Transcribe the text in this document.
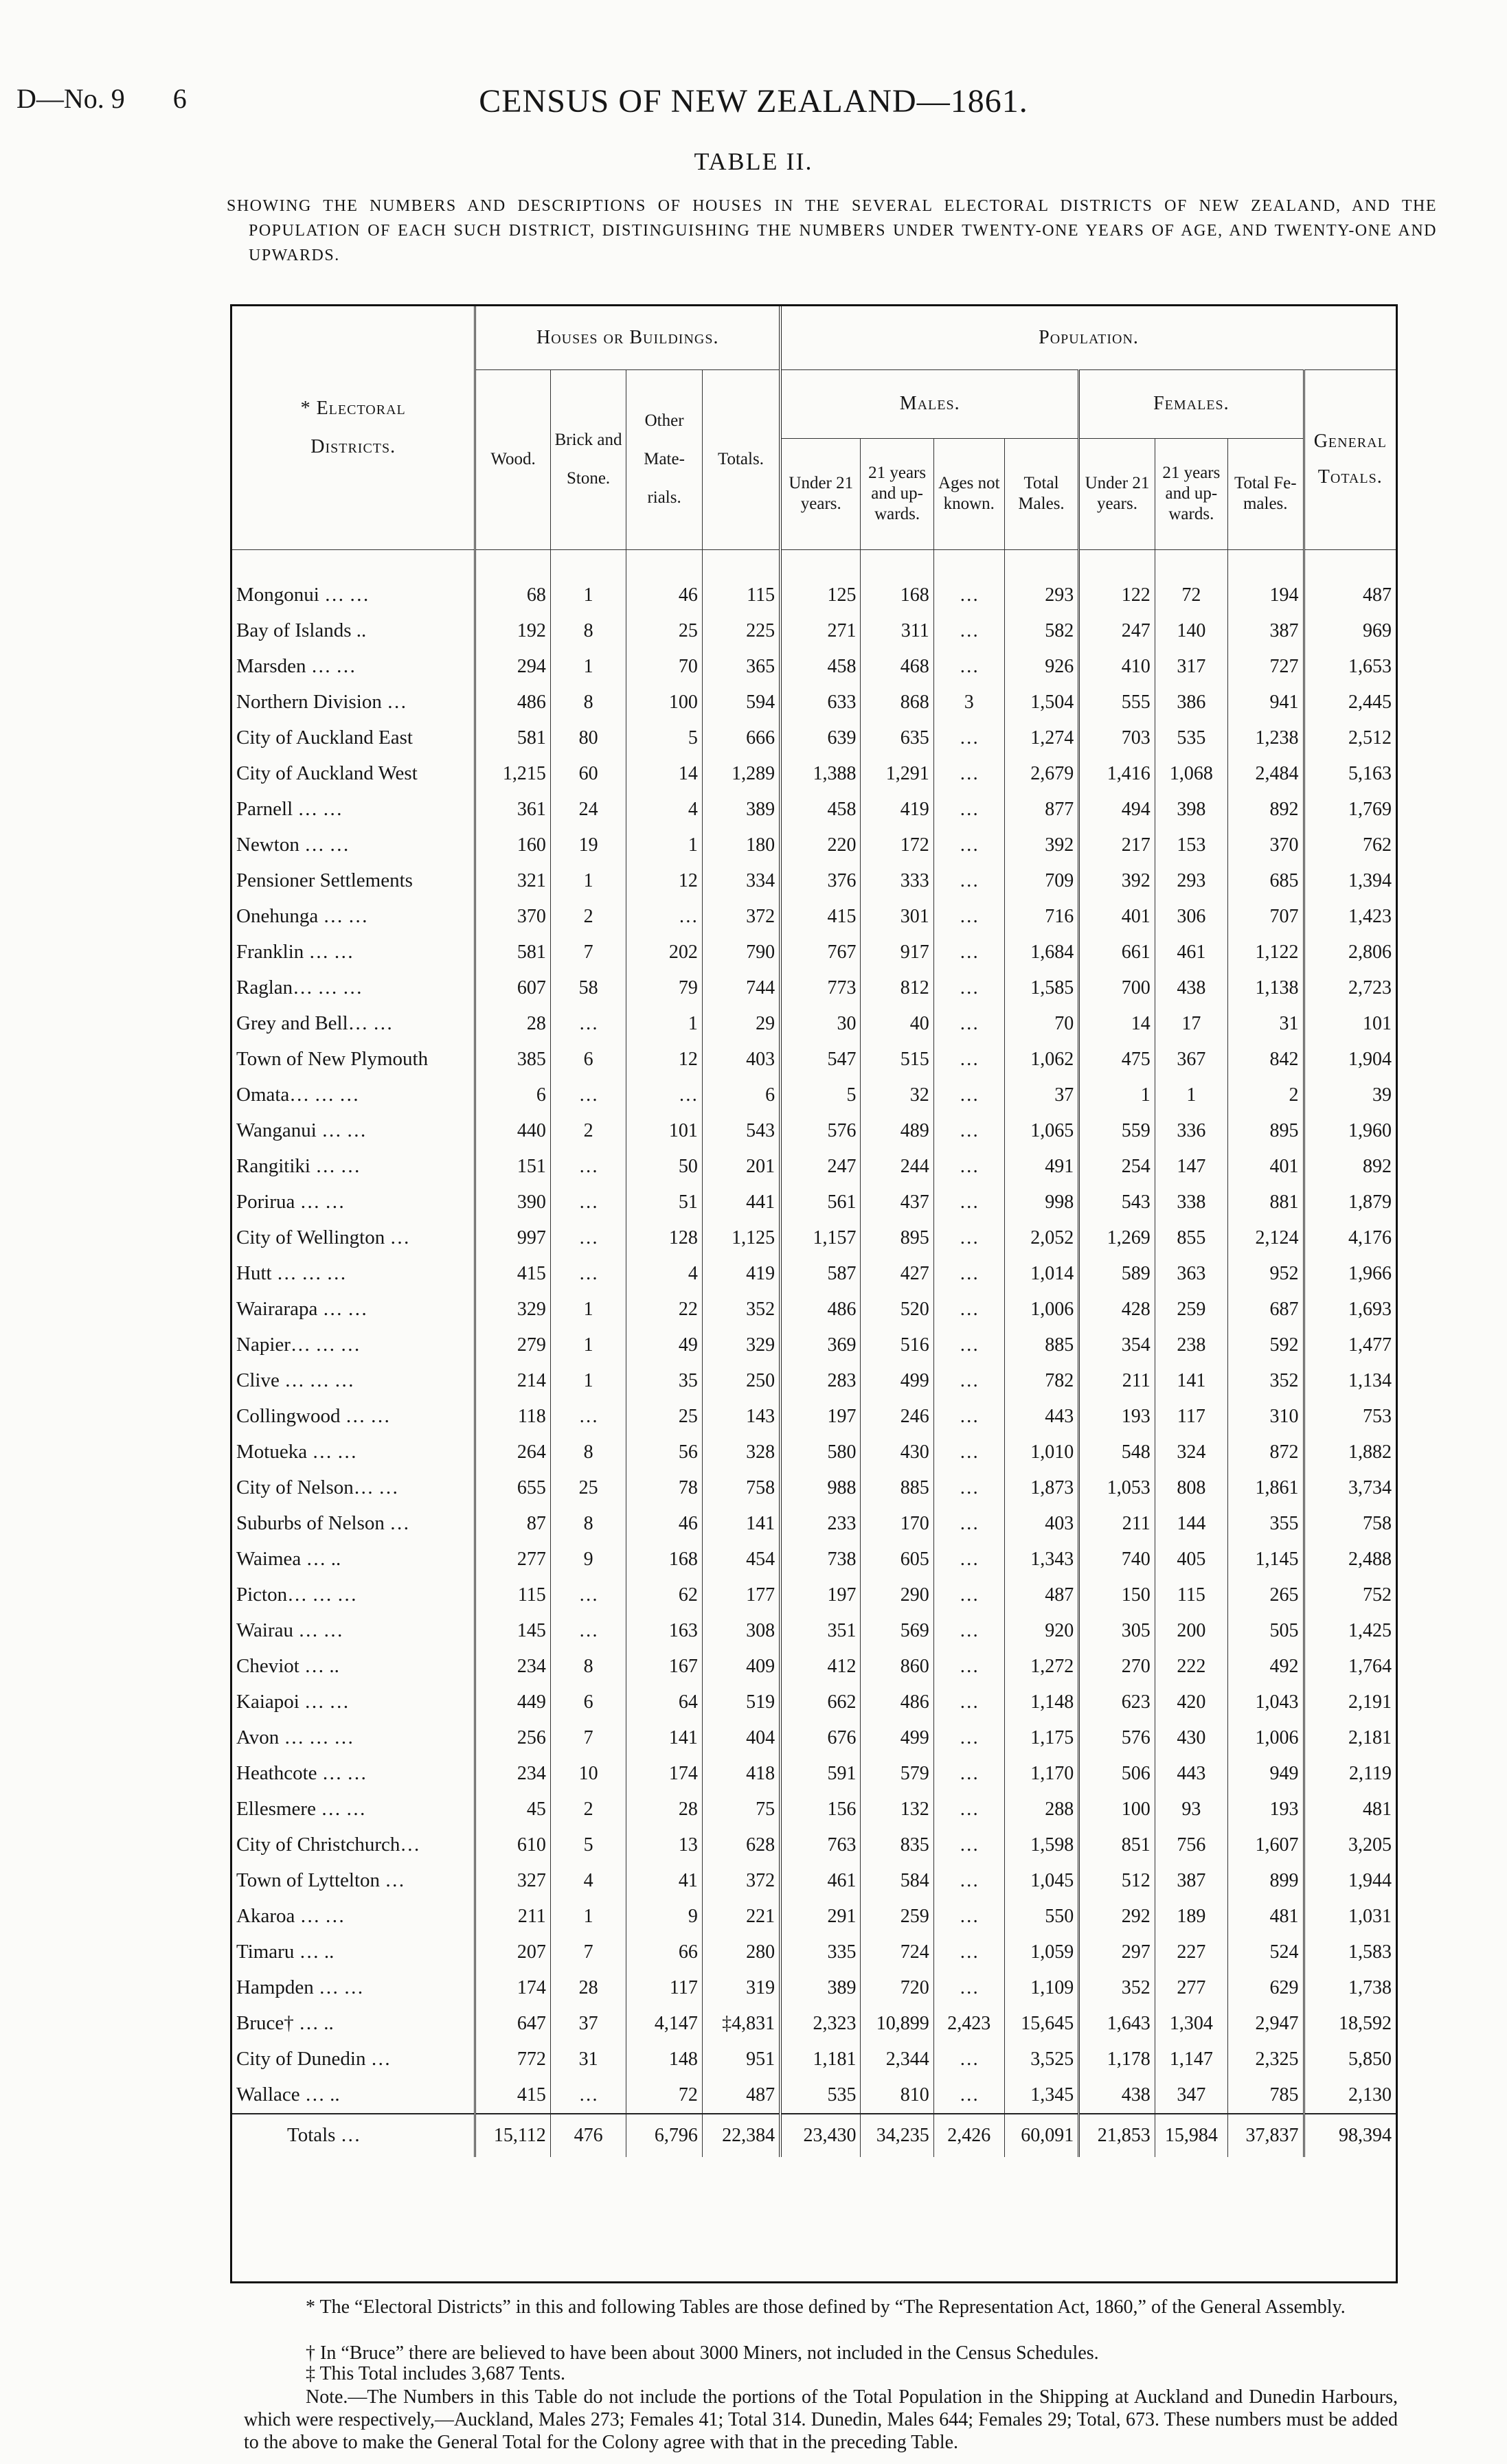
D—No. 9 6	CENSUS OF NEW ZEALAND—1861.
TABLE II.
SHOWING THE NUMBERS AND DESCRIPTIONS OF HOUSES IN THE SEVERAL ELECTORAL DISTRICTS OF NEW ZEALAND, AND THE POPULATION OF EACH SUCH DISTRICT, DISTINGUISHING THE NUMBERS UNDER TWENTY-ONE YEARS OF AGE, AND TWENTY-ONE AND UPWARDS.
* Electoral Districts.	Houses or Buildings.				Population.							
	Wood.	Brick and Stone.	Other Mate-rials.	Totals.	Males.				Females.			General Totals.
					Under 21 years.	21 years and up-wards.	Ages not known.	Total Males.	Under 21 years.	21 years and up-wards.	Total Fe-males.	

Mongonui … …	68	1	46	115	125	168	…	293	122	72	194	487
Bay of Islands ..	192	8	25	225	271	311	…	582	247	140	387	969
Marsden … …	294	1	70	365	458	468	…	926	410	317	727	1,653
Northern Division …	486	8	100	594	633	868	3	1,504	555	386	941	2,445
City of Auckland East	581	80	5	666	639	635	…	1,274	703	535	1,238	2,512
City of Auckland West	1,215	60	14	1,289	1,388	1,291	…	2,679	1,416	1,068	2,484	5,163
Parnell … …	361	24	4	389	458	419	…	877	494	398	892	1,769
Newton … …	160	19	1	180	220	172	…	392	217	153	370	762
Pensioner Settlements	321	1	12	334	376	333	…	709	392	293	685	1,394
Onehunga … …	370	2	…	372	415	301	…	716	401	306	707	1,423
Franklin … …	581	7	202	790	767	917	…	1,684	661	461	1,122	2,806
Raglan… … …	607	58	79	744	773	812	…	1,585	700	438	1,138	2,723
Grey and Bell… …	28	…	1	29	30	40	…	70	14	17	31	101
Town of New Plymouth	385	6	12	403	547	515	…	1,062	475	367	842	1,904
Omata… … …	6	…	…	6	5	32	…	37	1	1	2	39
Wanganui … …	440	2	101	543	576	489	…	1,065	559	336	895	1,960
Rangitiki … …	151	…	50	201	247	244	…	491	254	147	401	892
Porirua … …	390	…	51	441	561	437	…	998	543	338	881	1,879
City of Wellington …	997	…	128	1,125	1,157	895	…	2,052	1,269	855	2,124	4,176
Hutt … … …	415	…	4	419	587	427	…	1,014	589	363	952	1,966
Wairarapa … …	329	1	22	352	486	520	…	1,006	428	259	687	1,693
Napier… … …	279	1	49	329	369	516	…	885	354	238	592	1,477
Clive … … …	214	1	35	250	283	499	…	782	211	141	352	1,134
Collingwood … …	118	…	25	143	197	246	…	443	193	117	310	753
Motueka … …	264	8	56	328	580	430	…	1,010	548	324	872	1,882
City of Nelson… …	655	25	78	758	988	885	…	1,873	1,053	808	1,861	3,734
Suburbs of Nelson …	87	8	46	141	233	170	…	403	211	144	355	758
Waimea … ..	277	9	168	454	738	605	…	1,343	740	405	1,145	2,488
Picton… … …	115	…	62	177	197	290	…	487	150	115	265	752
Wairau … …	145	…	163	308	351	569	…	920	305	200	505	1,425
Cheviot … ..	234	8	167	409	412	860	…	1,272	270	222	492	1,764
Kaiapoi … …	449	6	64	519	662	486	…	1,148	623	420	1,043	2,191
Avon … … …	256	7	141	404	676	499	…	1,175	576	430	1,006	2,181
Heathcote … …	234	10	174	418	591	579	…	1,170	506	443	949	2,119
Ellesmere … …	45	2	28	75	156	132	…	288	100	93	193	481
City of Christchurch…	610	5	13	628	763	835	…	1,598	851	756	1,607	3,205
Town of Lyttelton …	327	4	41	372	461	584	…	1,045	512	387	899	1,944
Akaroa … …	211	1	9	221	291	259	…	550	292	189	481	1,031
Timaru … ..	207	7	66	280	335	724	…	1,059	297	227	524	1,583
Hampden … …	174	28	117	319	389	720	…	1,109	352	277	629	1,738
Bruce† … ..	647	37	4,147	‡4,831	2,323	10,899	2,423	15,645	1,643	1,304	2,947	18,592
City of Dunedin …	772	31	148	951	1,181	2,344	…	3,525	1,178	1,147	2,325	5,850
Wallace … ..	415	…	72	487	535	810	…	1,345	438	347	785	2,130
Totals …	15,112	476	6,796	22,384	23,430	34,235	2,426	60,091	21,853	15,984	37,837	98,394
* The “Electoral Districts” in this and following Tables are those defined by “The Representation Act, 1860,” of the General Assembly.
† In “Bruce” there are believed to have been about 3000 Miners, not included in the Census Schedules.
‡ This Total includes 3,687 Tents.
Note.—The Numbers in this Table do not include the portions of the Total Population in the Shipping at Auckland and Dunedin Harbours, which were respectively,—Auckland, Males 273; Females 41; Total 314. Dunedin, Males 644; Females 29; Total, 673. These numbers must be added to the above to make the General Total for the Colony agree with that in the preceding Table.
